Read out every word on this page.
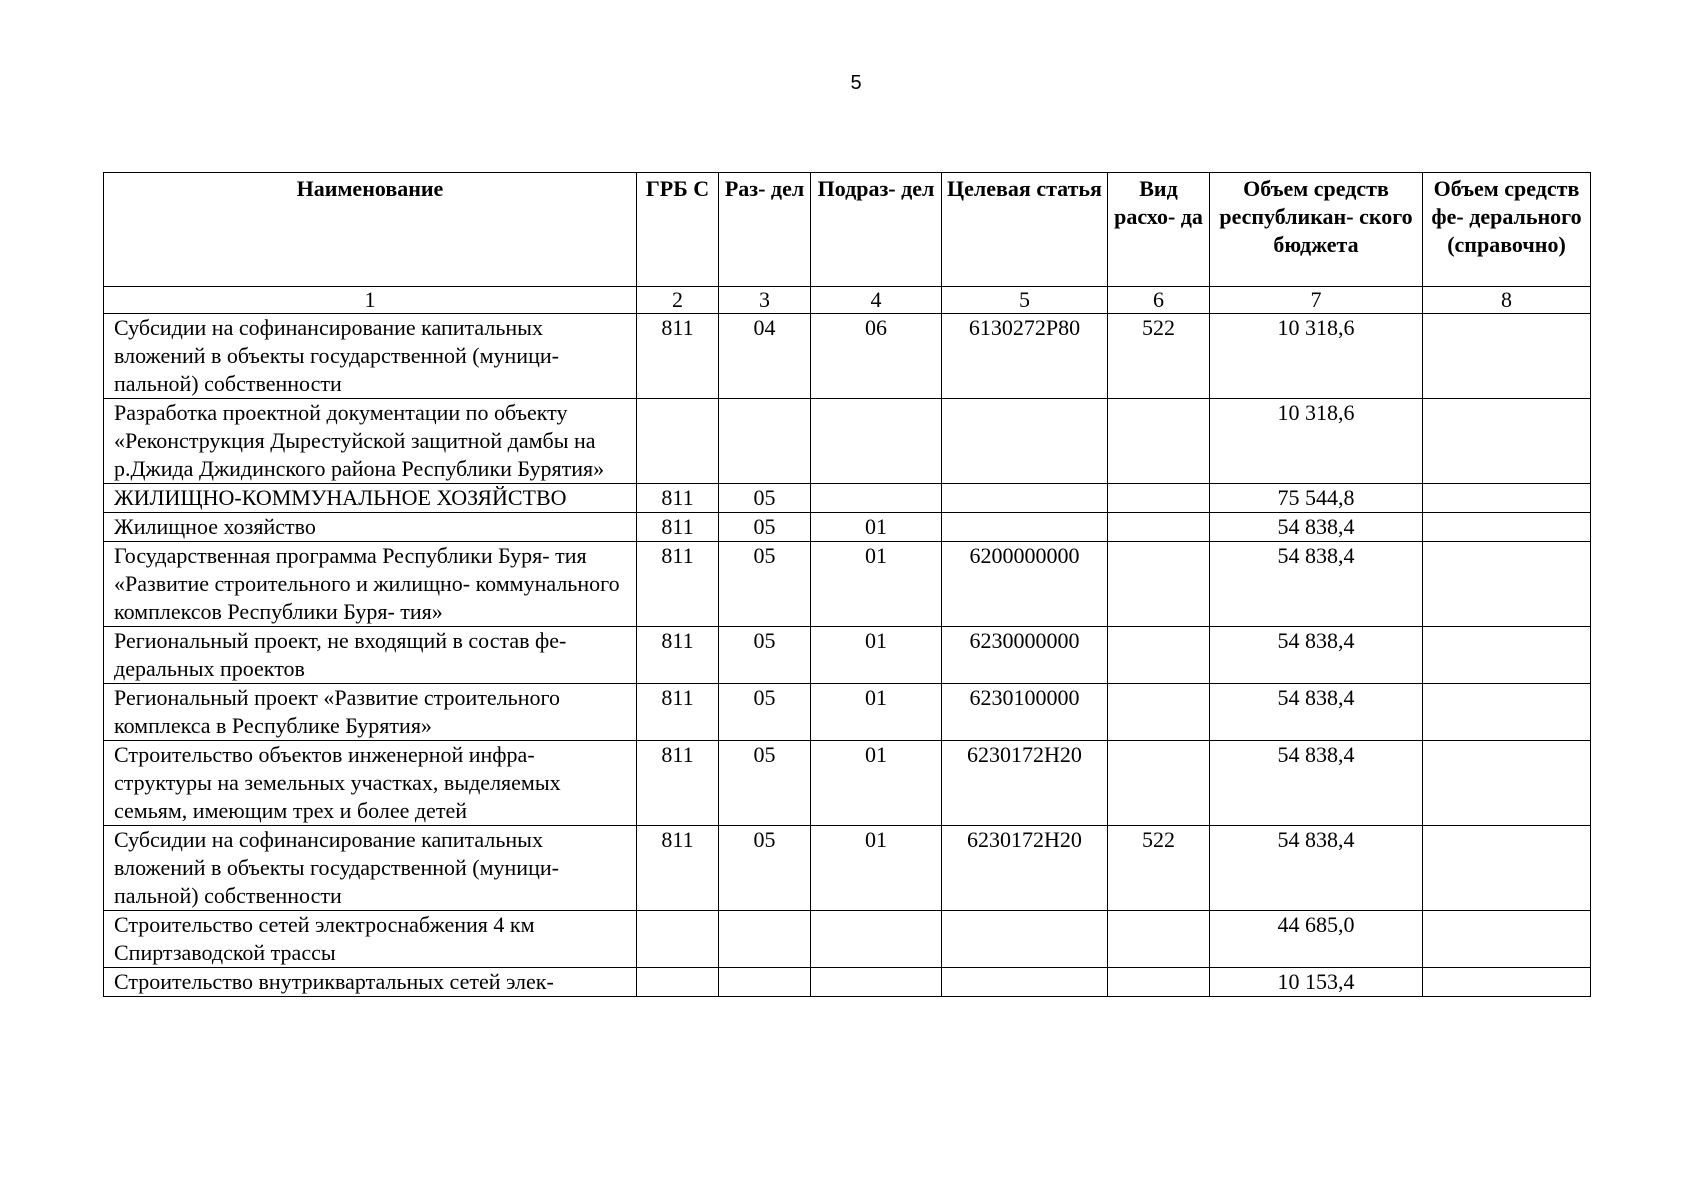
5
Наименование	ГРБ С	Раз- дел	Подраз- дел	Целевая статья	Вид расхо- да	Объем средств республикан- ского бюджета	Объем средств фе- дерального (справочно)
1	2	3	4	5	6	7	8
Субсидии на софинансирование капитальных вложений в объекты государственной (муници- пальной) собственности	811	04	06	6130272P80	522	10 318,6	
Разработка проектной документации по объекту «Реконструкция Дырестуйской защитной дамбы на р.Джида Джидинского района Республики Бурятия»						10 318,6	
ЖИЛИЩНО-КОММУНАЛЬНОЕ ХОЗЯЙСТВО	811	05				75 544,8	
Жилищное хозяйство	811	05	01			54 838,4	
Государственная программа Республики Буря- тия «Развитие строительного и жилищно- коммунального комплексов Республики Буря- тия»	811	05	01	6200000000		54 838,4	
Региональный проект, не входящий в состав фе- деральных проектов	811	05	01	6230000000		54 838,4	
Региональный проект «Развитие строительного комплекса в Республике Бурятия»	811	05	01	6230100000		54 838,4	
Строительство объектов инженерной инфра- структуры на земельных участках, выделяемых семьям, имеющим трех и более детей	811	05	01	6230172H20		54 838,4	
Субсидии на софинансирование капитальных вложений в объекты государственной (муници- пальной) собственности	811	05	01	6230172H20	522	54 838,4	
Строительство сетей электроснабжения 4 км Спиртзаводской трассы						44 685,0	
Строительство внутриквартальных сетей элек-						10 153,4	
